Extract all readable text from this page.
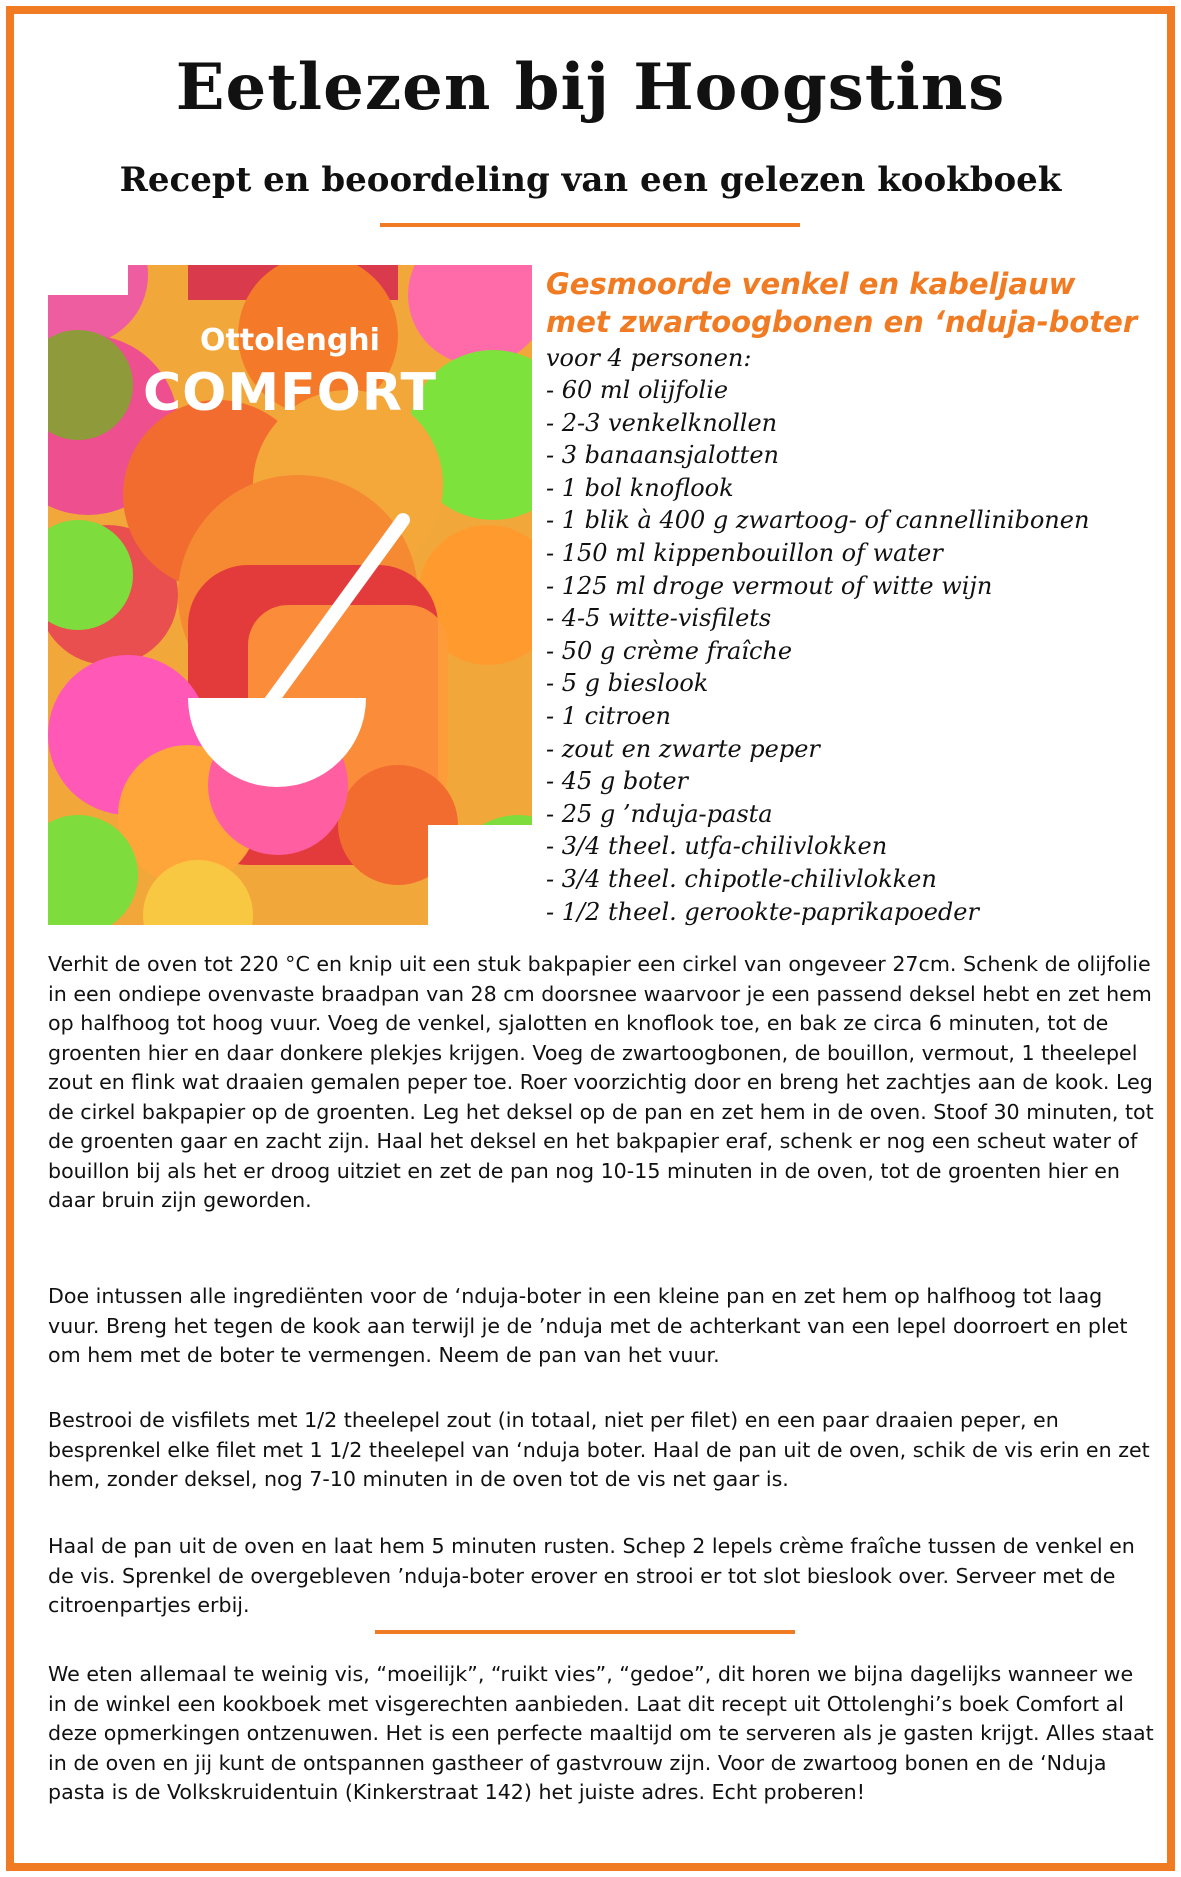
Eetlezen bij Hoogstins
Recept en beoordeling van een gelezen kookboek
Ottolenghi
COMFORT
Gesmoorde venkel en kabeljauw
met zwartoogbonen en ‘nduja-boter
voor 4 personen:
- 60 ml olijfolie
- 2-3 venkelknollen
- 3 banaansjalotten
- 1 bol knoflook
- 1 blik à 400 g zwartoog- of cannellinibonen
- 150 ml kippenbouillon of water
- 125 ml droge vermout of witte wijn
- 4-5 witte-visfilets
- 50 g crème fraîche
- 5 g bieslook
- 1 citroen
- zout en zwarte peper
- 45 g boter
- 25 g ’nduja-pasta
- 3/4 theel. utfa-chilivlokken
- 3/4 theel. chipotle-chilivlokken
- 1/2 theel. gerookte-paprikapoeder

Verhit de oven tot 220 °C en knip uit een stuk bakpapier een cirkel van ongeveer 27cm. Schenk de olijfolie in een ondiepe ovenvaste braadpan van 28 cm doorsnee waarvoor je een passend deksel hebt en zet hem op halfhoog tot hoog vuur. Voeg de venkel, sjalotten en knoflook toe, en bak ze circa 6 minuten, tot de groenten hier en daar donkere plekjes krijgen. Voeg de zwartoogbonen, de bouillon, vermout, 1 theelepel zout en flink wat draaien gemalen peper toe. Roer voorzichtig door en breng het zachtjes aan de kook. Leg de cirkel bakpapier op de groenten. Leg het deksel op de pan en zet hem in de oven. Stoof 30 minuten, tot de groenten gaar en zacht zijn. Haal het deksel en het bakpapier eraf, schenk er nog een scheut water of bouillon bij als het er droog uitziet en zet de pan nog 10-15 minuten in de oven, tot de groenten hier en daar bruin zijn geworden.

Doe intussen alle ingrediënten voor de ‘nduja-boter in een kleine pan en zet hem op halfhoog tot laag vuur. Breng het tegen de kook aan terwijl je de ’nduja met de achterkant van een lepel doorroert en plet om hem met de boter te vermengen. Neem de pan van het vuur.

Bestrooi de visfilets met 1/2 theelepel zout (in totaal, niet per filet) en een paar draaien peper, en besprenkel elke filet met 1 1/2 theelepel van ‘nduja boter. Haal de pan uit de oven, schik de vis erin en zet hem, zonder deksel, nog 7-10 minuten in de oven tot de vis net gaar is.

Haal de pan uit de oven en laat hem 5 minuten rusten. Schep 2 lepels crème fraîche tussen de venkel en de vis. Sprenkel de overgebleven ’nduja-boter erover en strooi er tot slot bieslook over. Serveer met de citroenpartjes erbij.

We eten allemaal te weinig vis, “moeilijk”, “ruikt vies”, “gedoe”, dit horen we bijna dagelijks wanneer we in de winkel een kookboek met visgerechten aanbieden. Laat dit recept uit Ottolenghi’s boek Comfort al deze opmerkingen ontzenuwen. Het is een perfecte maaltijd om te serveren als je gasten krijgt. Alles staat in de oven en jij kunt de ontspannen gastheer of gastvrouw zijn. Voor de zwartoog bonen en de ‘Nduja pasta is de Volkskruidentuin (Kinkerstraat 142) het juiste adres. Echt proberen!
